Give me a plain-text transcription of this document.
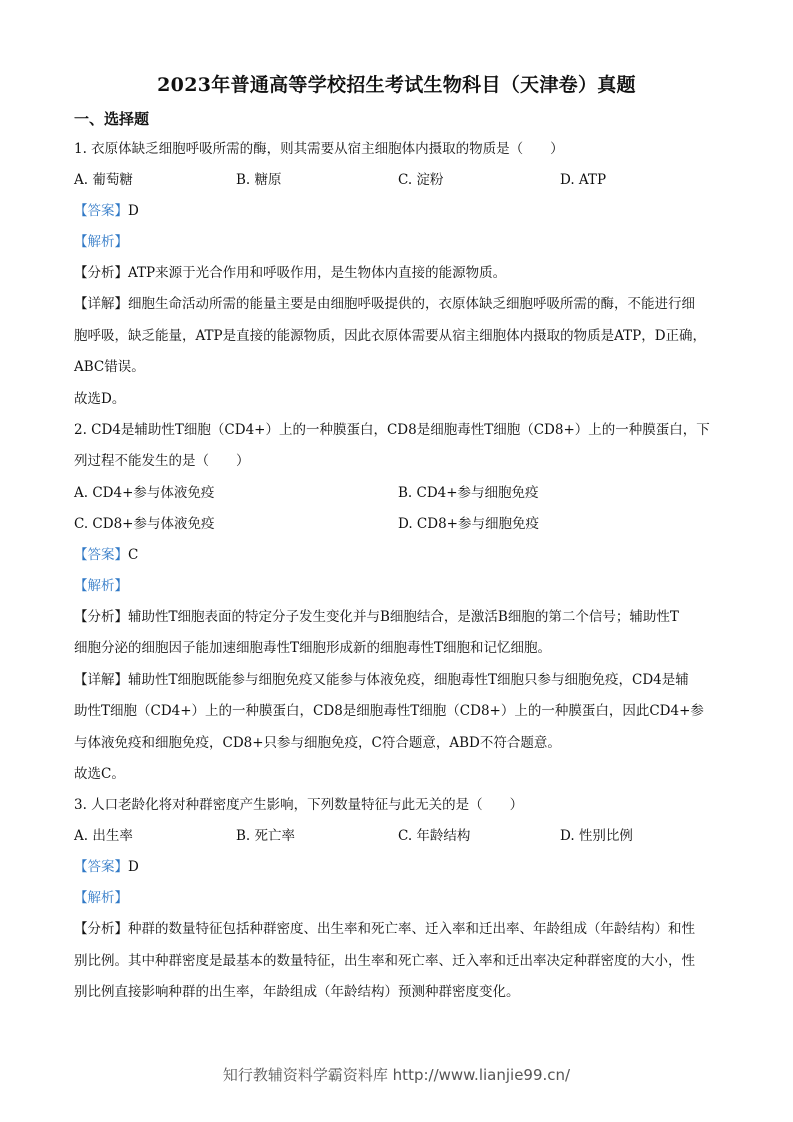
2023年普通高等学校招生考试生物科目（天津卷）真题
一、选择题
1. 衣原体缺乏细胞呼吸所需的酶，则其需要从宿主细胞体内摄取的物质是（　　）
A. 葡萄糖	B. 糖原	C. 淀粉	D. ATP
【答案】D
【解析】
【分析】ATP来源于光合作用和呼吸作用，是生物体内直接的能源物质。
【详解】细胞生命活动所需的能量主要是由细胞呼吸提供的，衣原体缺乏细胞呼吸所需的酶，不能进行细
胞呼吸，缺乏能量，ATP是直接的能源物质，因此衣原体需要从宿主细胞体内摄取的物质是ATP，D正确，
ABC错误。
故选D。
2. CD4是辅助性T细胞（CD4+）上的一种膜蛋白，CD8是细胞毒性T细胞（CD8+）上的一种膜蛋白，下
列过程不能发生的是（　　）
A. CD4+参与体液免疫	B. CD4+参与细胞免疫
C. CD8+参与体液免疫	D. CD8+参与细胞免疫
【答案】C
【解析】
【分析】辅助性T细胞表面的特定分子发生变化并与B细胞结合，是激活B细胞的第二个信号；辅助性T
细胞分泌的细胞因子能加速细胞毒性T细胞形成新的细胞毒性T细胞和记忆细胞。
【详解】辅助性T细胞既能参与细胞免疫又能参与体液免疫，细胞毒性T细胞只参与细胞免疫，CD4是辅
助性T细胞（CD4+）上的一种膜蛋白，CD8是细胞毒性T细胞（CD8+）上的一种膜蛋白，因此CD4+参
与体液免疫和细胞免疫，CD8+只参与细胞免疫，C符合题意，ABD不符合题意。
故选C。
3. 人口老龄化将对种群密度产生影响，下列数量特征与此无关的是（　　）
A. 出生率	B. 死亡率	C. 年龄结构	D. 性别比例
【答案】D
【解析】
【分析】种群的数量特征包括种群密度、出生率和死亡率、迁入率和迁出率、年龄组成（年龄结构）和性
别比例。其中种群密度是最基本的数量特征，出生率和死亡率、迁入率和迁出率决定种群密度的大小，性
别比例直接影响种群的出生率，年龄组成（年龄结构）预测种群密度变化。
知行教辅资料学霸资料库 http://www.lianjie99.cn/
